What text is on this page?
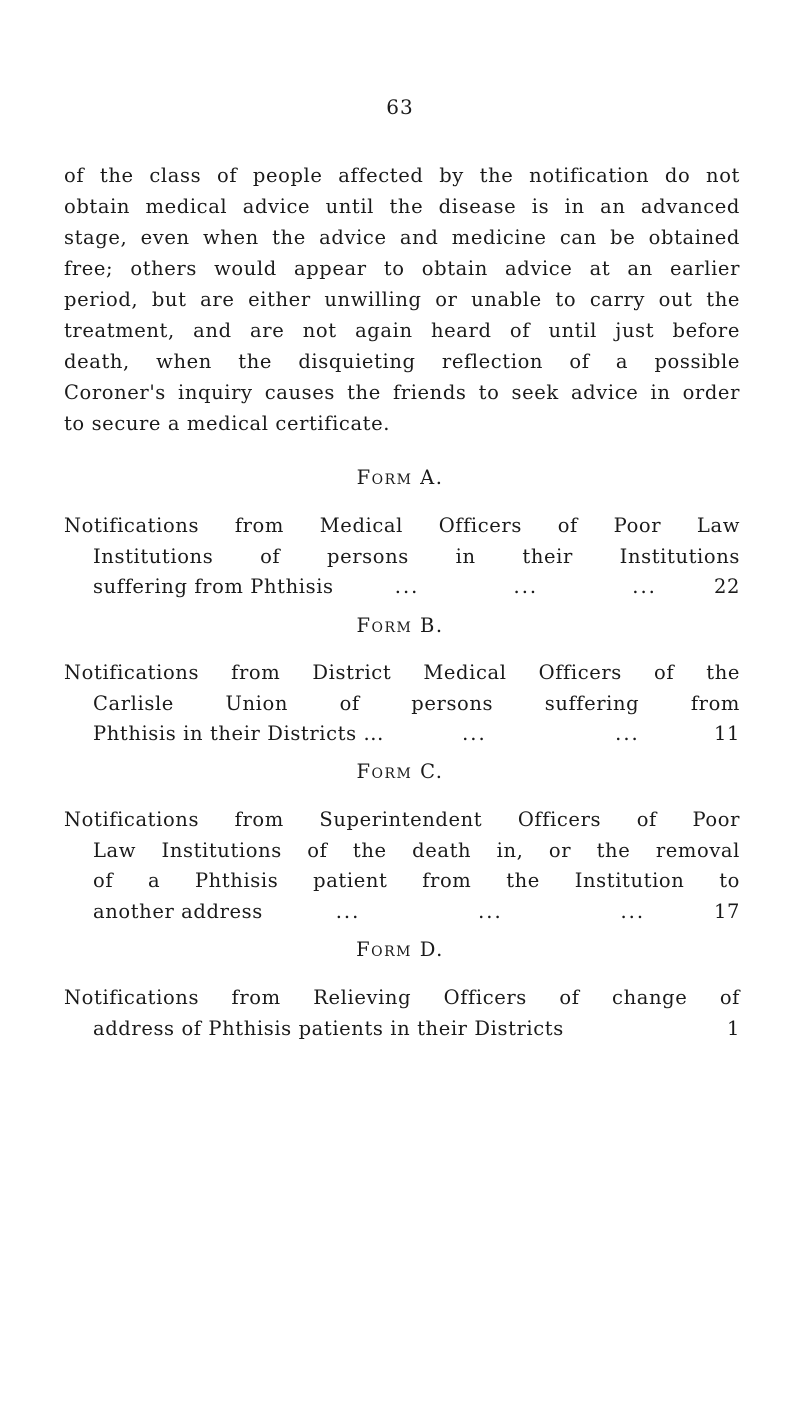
63
of the class of people affected by the notification do not
obtain medical advice until the disease is in an advanced
stage, even when the advice and medicine can be obtained
free; others would appear to obtain advice at an earlier
period, but are either unwilling or unable to carry out the
treatment, and are not again heard of until just before
death, when the disquieting reflection of a possible
Coroner's inquiry causes the friends to seek advice in order
to secure a medical certificate.
Form A.
Notifications from Medical Officers of Poor Law
Institutions of persons in their Institutions
suffering from Phthisis	...	...	...	22
Form B.
Notifications from District Medical Officers of the
Carlisle Union of persons suffering from
Phthisis in their Districts ...	...	...	11
Form C.
Notifications from Superintendent Officers of Poor
Law Institutions of the death in, or the removal
of a Phthisis patient from the Institution to
another address	...	...	...	17
Form D.
Notifications from Relieving Officers of change of
address of Phthisis patients in their Districts	1
